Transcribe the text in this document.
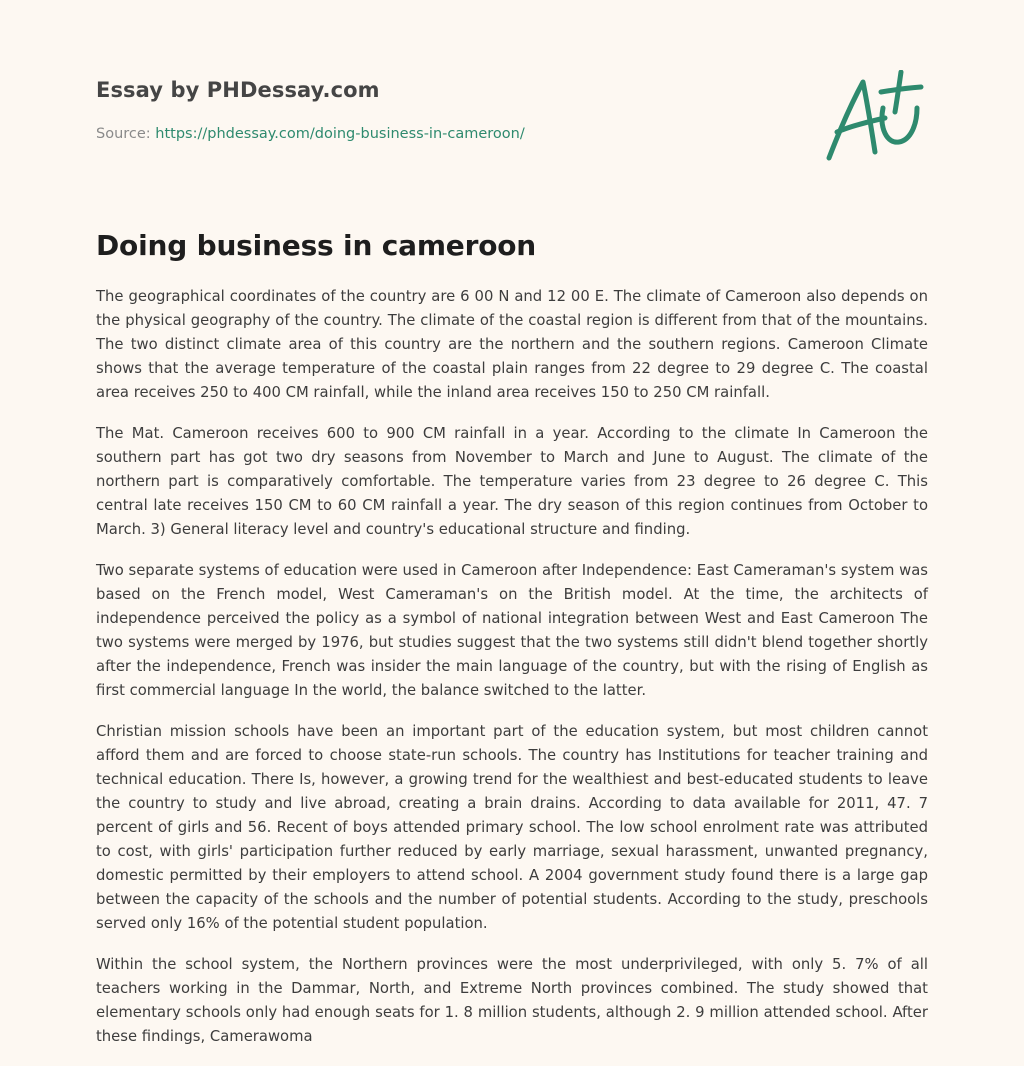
Essay by PHDessay.com
Source: https://phdessay.com/doing-business-in-cameroon/
Doing business in cameroon

The geographical coordinates of the country are 6 00 N and 12 00 E. The climate of Cameroon also depends on the physical geography of the country. The climate of the coastal region is different from that of the mountains. The two distinct climate area of this country are the northern and the southern regions. Cameroon Climate shows that the average temperature of the coastal plain ranges from 22 degree to 29 degree C. The coastal area receives 250 to 400 CM rainfall, while the inland area receives 150 to 250 CM rainfall.

The Mat. Cameroon receives 600 to 900 CM rainfall in a year. According to the climate In Cameroon the southern part has got two dry seasons from November to March and June to August. The climate of the northern part is comparatively comfortable. The temperature varies from 23 degree to 26 degree C. This central late receives 150 CM to 60 CM rainfall a year. The dry season of this region continues from October to March. 3) General literacy level and country's educational structure and finding.

Two separate systems of education were used in Cameroon after Independence: East Cameraman's system was based on the French model, West Cameraman's on the British model. At the time, the architects of independence perceived the policy as a symbol of national integration between West and East Cameroon The two systems were merged by 1976, but studies suggest that the two systems still didn't blend together shortly after the independence, French was insider the main language of the country, but with the rising of English as first commercial language In the world, the balance switched to the latter.

Christian mission schools have been an important part of the education system, but most children cannot afford them and are forced to choose state-run schools. The country has Institutions for teacher training and technical education. There Is, however, a growing trend for the wealthiest and best-educated students to leave the country to study and live abroad, creating a brain drains. According to data available for 2011, 47. 7 percent of girls and 56. Recent of boys attended primary school. The low school enrolment rate was attributed to cost, with girls' participation further reduced by early marriage, sexual harassment, unwanted pregnancy, domestic permitted by their employers to attend school. A 2004 government study found there is a large gap between the capacity of the schools and the number of potential students. According to the study, preschools served only 16% of the potential student population.

Within the school system, the Northern provinces were the most underprivileged, with only 5. 7% of all teachers working in the Dammar, North, and Extreme North provinces combined. The study showed that elementary schools only had enough seats for 1. 8 million students, although 2. 9 million attended school. After these findings, Camerawoma
